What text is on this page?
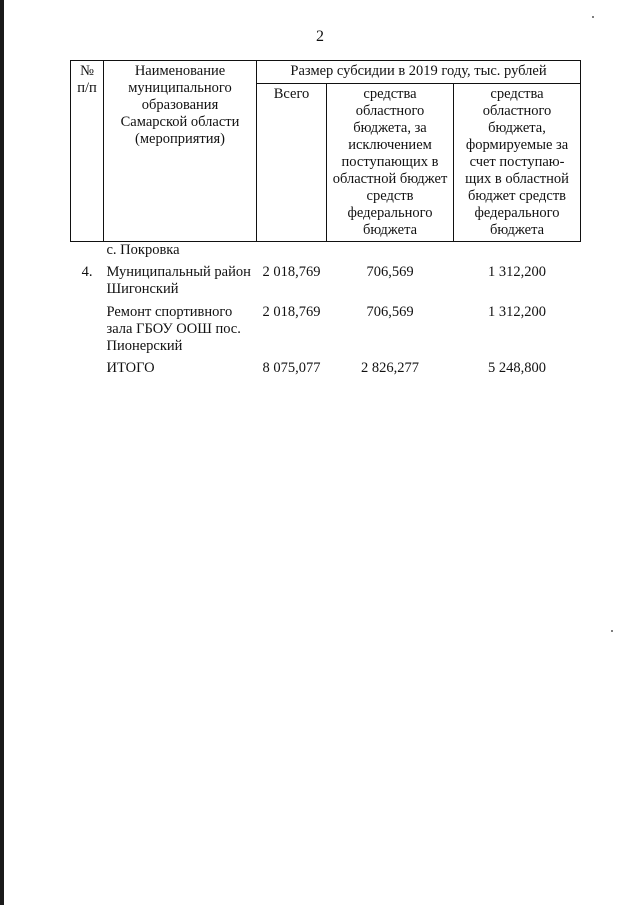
2
№ п/п	Наименование муниципального образования Самарской области (мероприятия)	Размер субсидии в 2019 году, тыс. рублей		
		Всего	средства областного бюджета, за исключением поступающих в областной бюджет средств федерального бюджета	средства областного бюджета, формируемые за счет поступаю-щих в областной бюджет средств федерального бюджета
	с. Покровка			
4.	Муниципальный район Шигонский	2 018,769	706,569	1 312,200
	Ремонт спортивного зала ГБОУ ООШ пос. Пионерский	2 018,769	706,569	1 312,200
	ИТОГО	8 075,077	2 826,277	5 248,800
